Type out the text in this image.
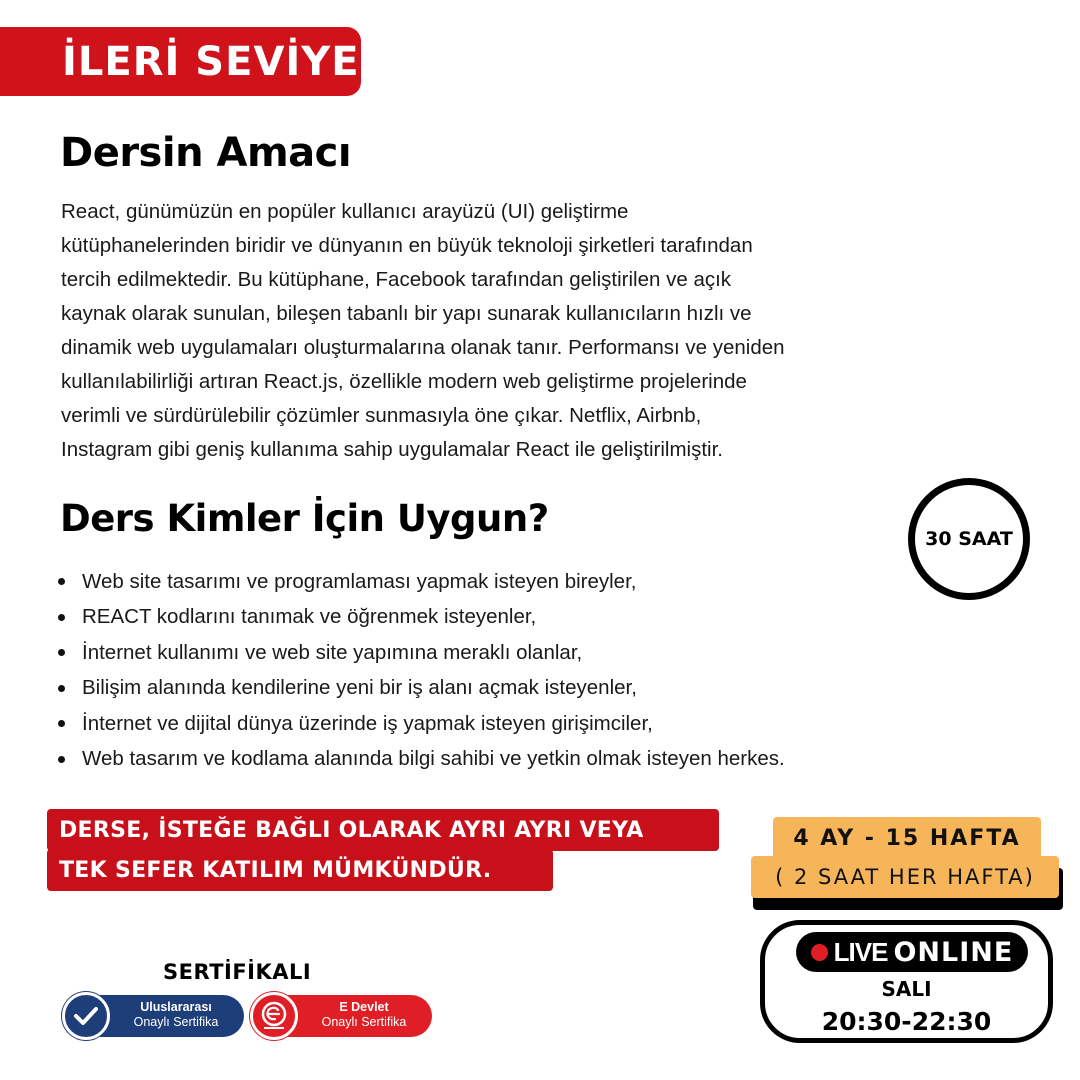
İLERİ SEVİYE
Dersin Amacı
React, günümüzün en popüler kullanıcı arayüzü (UI) geliştirme
kütüphanelerinden biridir ve dünyanın en büyük teknoloji şirketleri tarafından
tercih edilmektedir. Bu kütüphane, Facebook tarafından geliştirilen ve açık
kaynak olarak sunulan, bileşen tabanlı bir yapı sunarak kullanıcıların hızlı ve
dinamik web uygulamaları oluşturmalarına olanak tanır. Performansı ve yeniden
kullanılabilirliği artıran React.js, özellikle modern web geliştirme projelerinde
verimli ve sürdürülebilir çözümler sunmasıyla öne çıkar. Netflix, Airbnb,
Instagram gibi geniş kullanıma sahip uygulamalar React ile geliştirilmiştir.
Ders Kimler İçin Uygun?	30 SAAT
Web site tasarımı ve programlaması yapmak isteyen bireyler,
REACT kodlarını tanımak ve öğrenmek isteyenler,
İnternet kullanımı ve web site yapımına meraklı olanlar,
Bilişim alanında kendilerine yeni bir iş alanı açmak isteyenler,
İnternet ve dijital dünya üzerinde iş yapmak isteyen girişimciler,
Web tasarım ve kodlama alanında bilgi sahibi ve yetkin olmak isteyen herkes.
DERSE, İSTEĞE BAĞLI OLARAK AYRI AYRI VEYA
TEK SEFER KATILIM MÜMKÜNDÜR.
4 AY - 15 HAFTA
( 2 SAAT HER HAFTA)
LIVE ONLINE
SALI
20:30-22:30
SERTİFİKALI
Uluslararası
Onaylı Sertifika
E Devlet
Onaylı Sertifika
